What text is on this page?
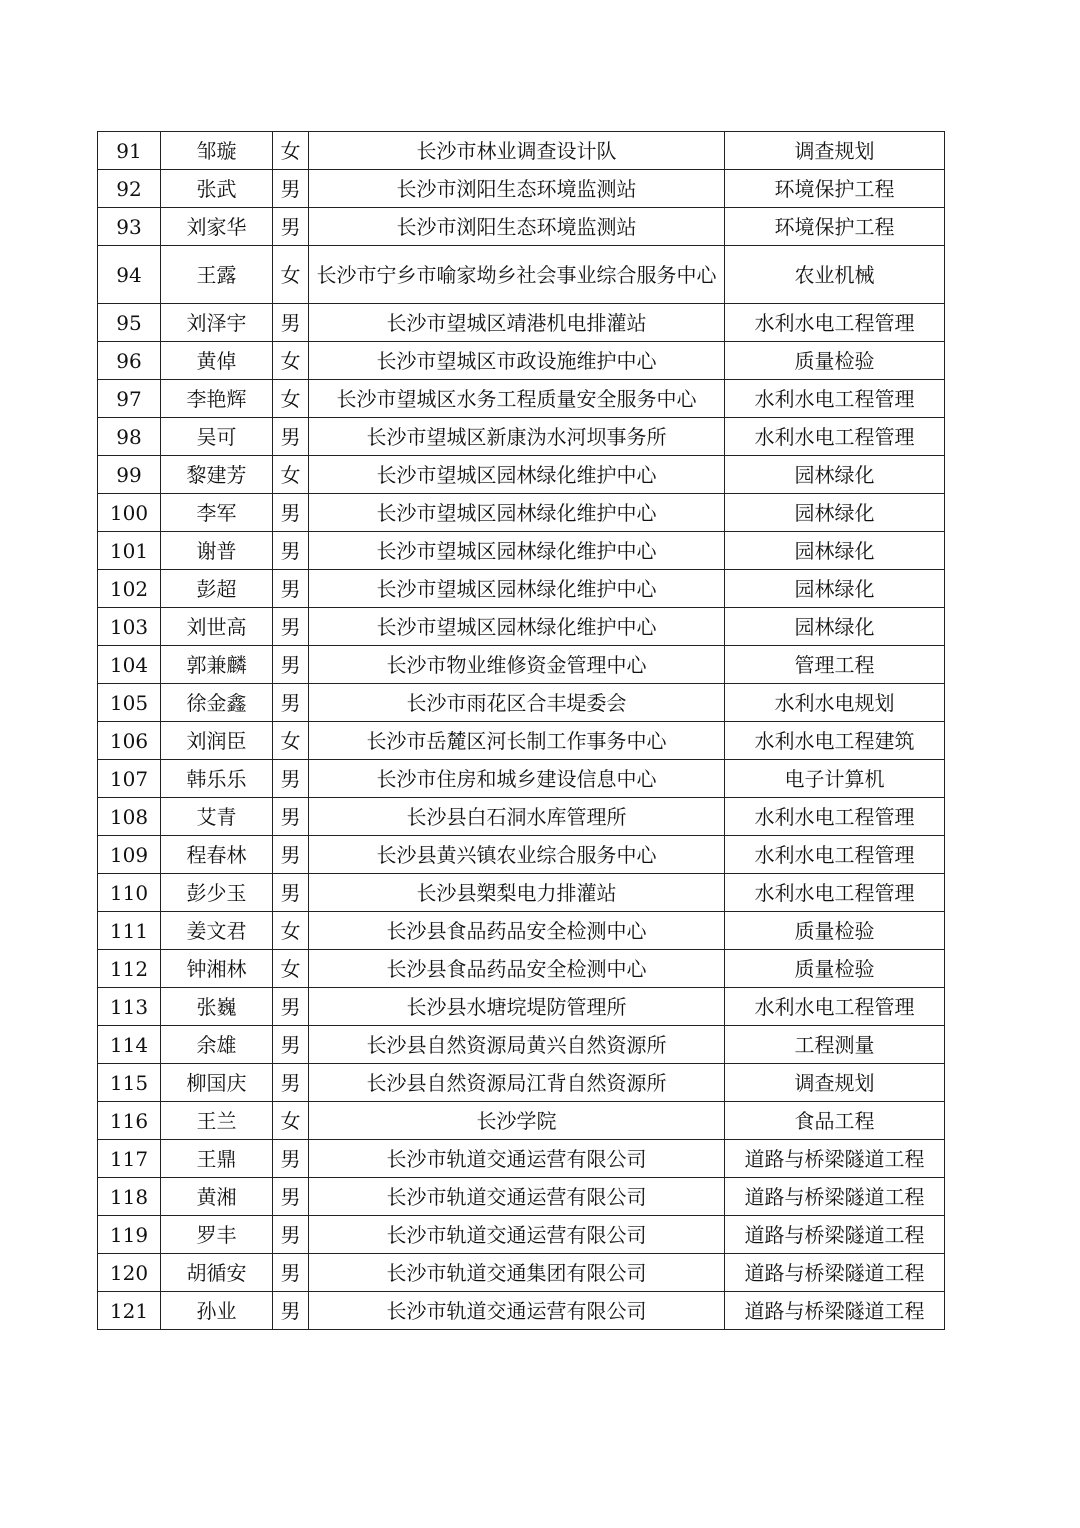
91	邹璇	女	长沙市林业调查设计队	调查规划
92	张武	男	长沙市浏阳生态环境监测站	环境保护工程
93	刘家华	男	长沙市浏阳生态环境监测站	环境保护工程
94	王露	女	长沙市宁乡市喻家坳乡社会事业综合服务中心	农业机械
95	刘泽宇	男	长沙市望城区靖港机电排灌站	水利水电工程管理
96	黄倬	女	长沙市望城区市政设施维护中心	质量检验
97	李艳辉	女	长沙市望城区水务工程质量安全服务中心	水利水电工程管理
98	吴可	男	长沙市望城区新康沩水河坝事务所	水利水电工程管理
99	黎建芳	女	长沙市望城区园林绿化维护中心	园林绿化
100	李军	男	长沙市望城区园林绿化维护中心	园林绿化
101	谢普	男	长沙市望城区园林绿化维护中心	园林绿化
102	彭超	男	长沙市望城区园林绿化维护中心	园林绿化
103	刘世高	男	长沙市望城区园林绿化维护中心	园林绿化
104	郭兼麟	男	长沙市物业维修资金管理中心	管理工程
105	徐金鑫	男	长沙市雨花区合丰堤委会	水利水电规划
106	刘润臣	女	长沙市岳麓区河长制工作事务中心	水利水电工程建筑
107	韩乐乐	男	长沙市住房和城乡建设信息中心	电子计算机
108	艾青	男	长沙县白石洞水库管理所	水利水电工程管理
109	程春林	男	长沙县黄兴镇农业综合服务中心	水利水电工程管理
110	彭少玉	男	长沙县槊梨电力排灌站	水利水电工程管理
111	姜文君	女	长沙县食品药品安全检测中心	质量检验
112	钟湘林	女	长沙县食品药品安全检测中心	质量检验
113	张巍	男	长沙县水塘垸堤防管理所	水利水电工程管理
114	余雄	男	长沙县自然资源局黄兴自然资源所	工程测量
115	柳国庆	男	长沙县自然资源局江背自然资源所	调查规划
116	王兰	女	长沙学院	食品工程
117	王鼎	男	长沙市轨道交通运营有限公司	道路与桥梁隧道工程
118	黄湘	男	长沙市轨道交通运营有限公司	道路与桥梁隧道工程
119	罗丰	男	长沙市轨道交通运营有限公司	道路与桥梁隧道工程
120	胡循安	男	长沙市轨道交通集团有限公司	道路与桥梁隧道工程
121	孙业	男	长沙市轨道交通运营有限公司	道路与桥梁隧道工程
